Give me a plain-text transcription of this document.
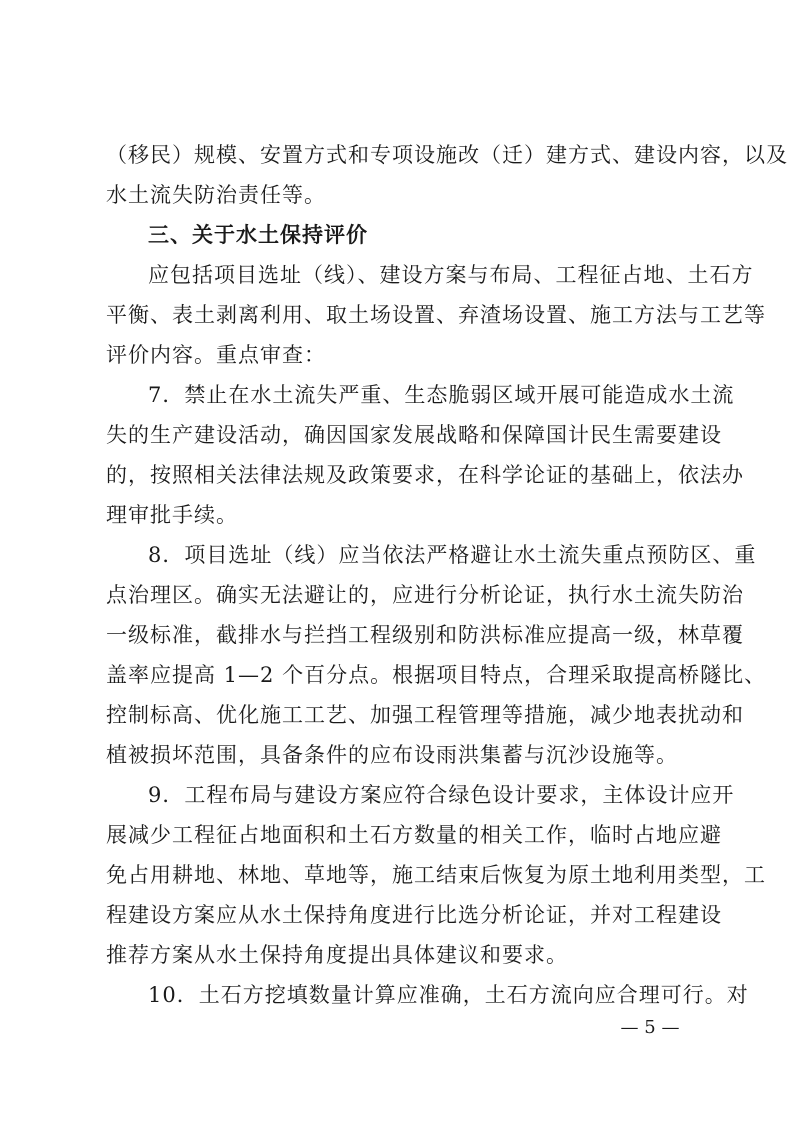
（移民）规模、安置方式和专项设施改（迁）建方式、建设内容，以及
水土流失防治责任等。
三、关于水土保持评价
应包括项目选址（线）、建设方案与布局、工程征占地、土石方
平衡、表土剥离利用、取土场设置、弃渣场设置、施工方法与工艺等
评价内容。重点审查：
7．禁止在水土流失严重、生态脆弱区域开展可能造成水土流
失的生产建设活动，确因国家发展战略和保障国计民生需要建设
的，按照相关法律法规及政策要求，在科学论证的基础上，依法办
理审批手续。
8．项目选址（线）应当依法严格避让水土流失重点预防区、重
点治理区。确实无法避让的，应进行分析论证，执行水土流失防治
一级标准，截排水与拦挡工程级别和防洪标准应提高一级，林草覆
盖率应提高 1—2 个百分点。根据项目特点，合理采取提高桥隧比、
控制标高、优化施工工艺、加强工程管理等措施，减少地表扰动和
植被损坏范围，具备条件的应布设雨洪集蓄与沉沙设施等。
9．工程布局与建设方案应符合绿色设计要求，主体设计应开
展减少工程征占地面积和土石方数量的相关工作，临时占地应避
免占用耕地、林地、草地等，施工结束后恢复为原土地利用类型，工
程建设方案应从水土保持角度进行比选分析论证，并对工程建设
推荐方案从水土保持角度提出具体建议和要求。
10．土石方挖填数量计算应准确，土石方流向应合理可行。对
— 5 —
